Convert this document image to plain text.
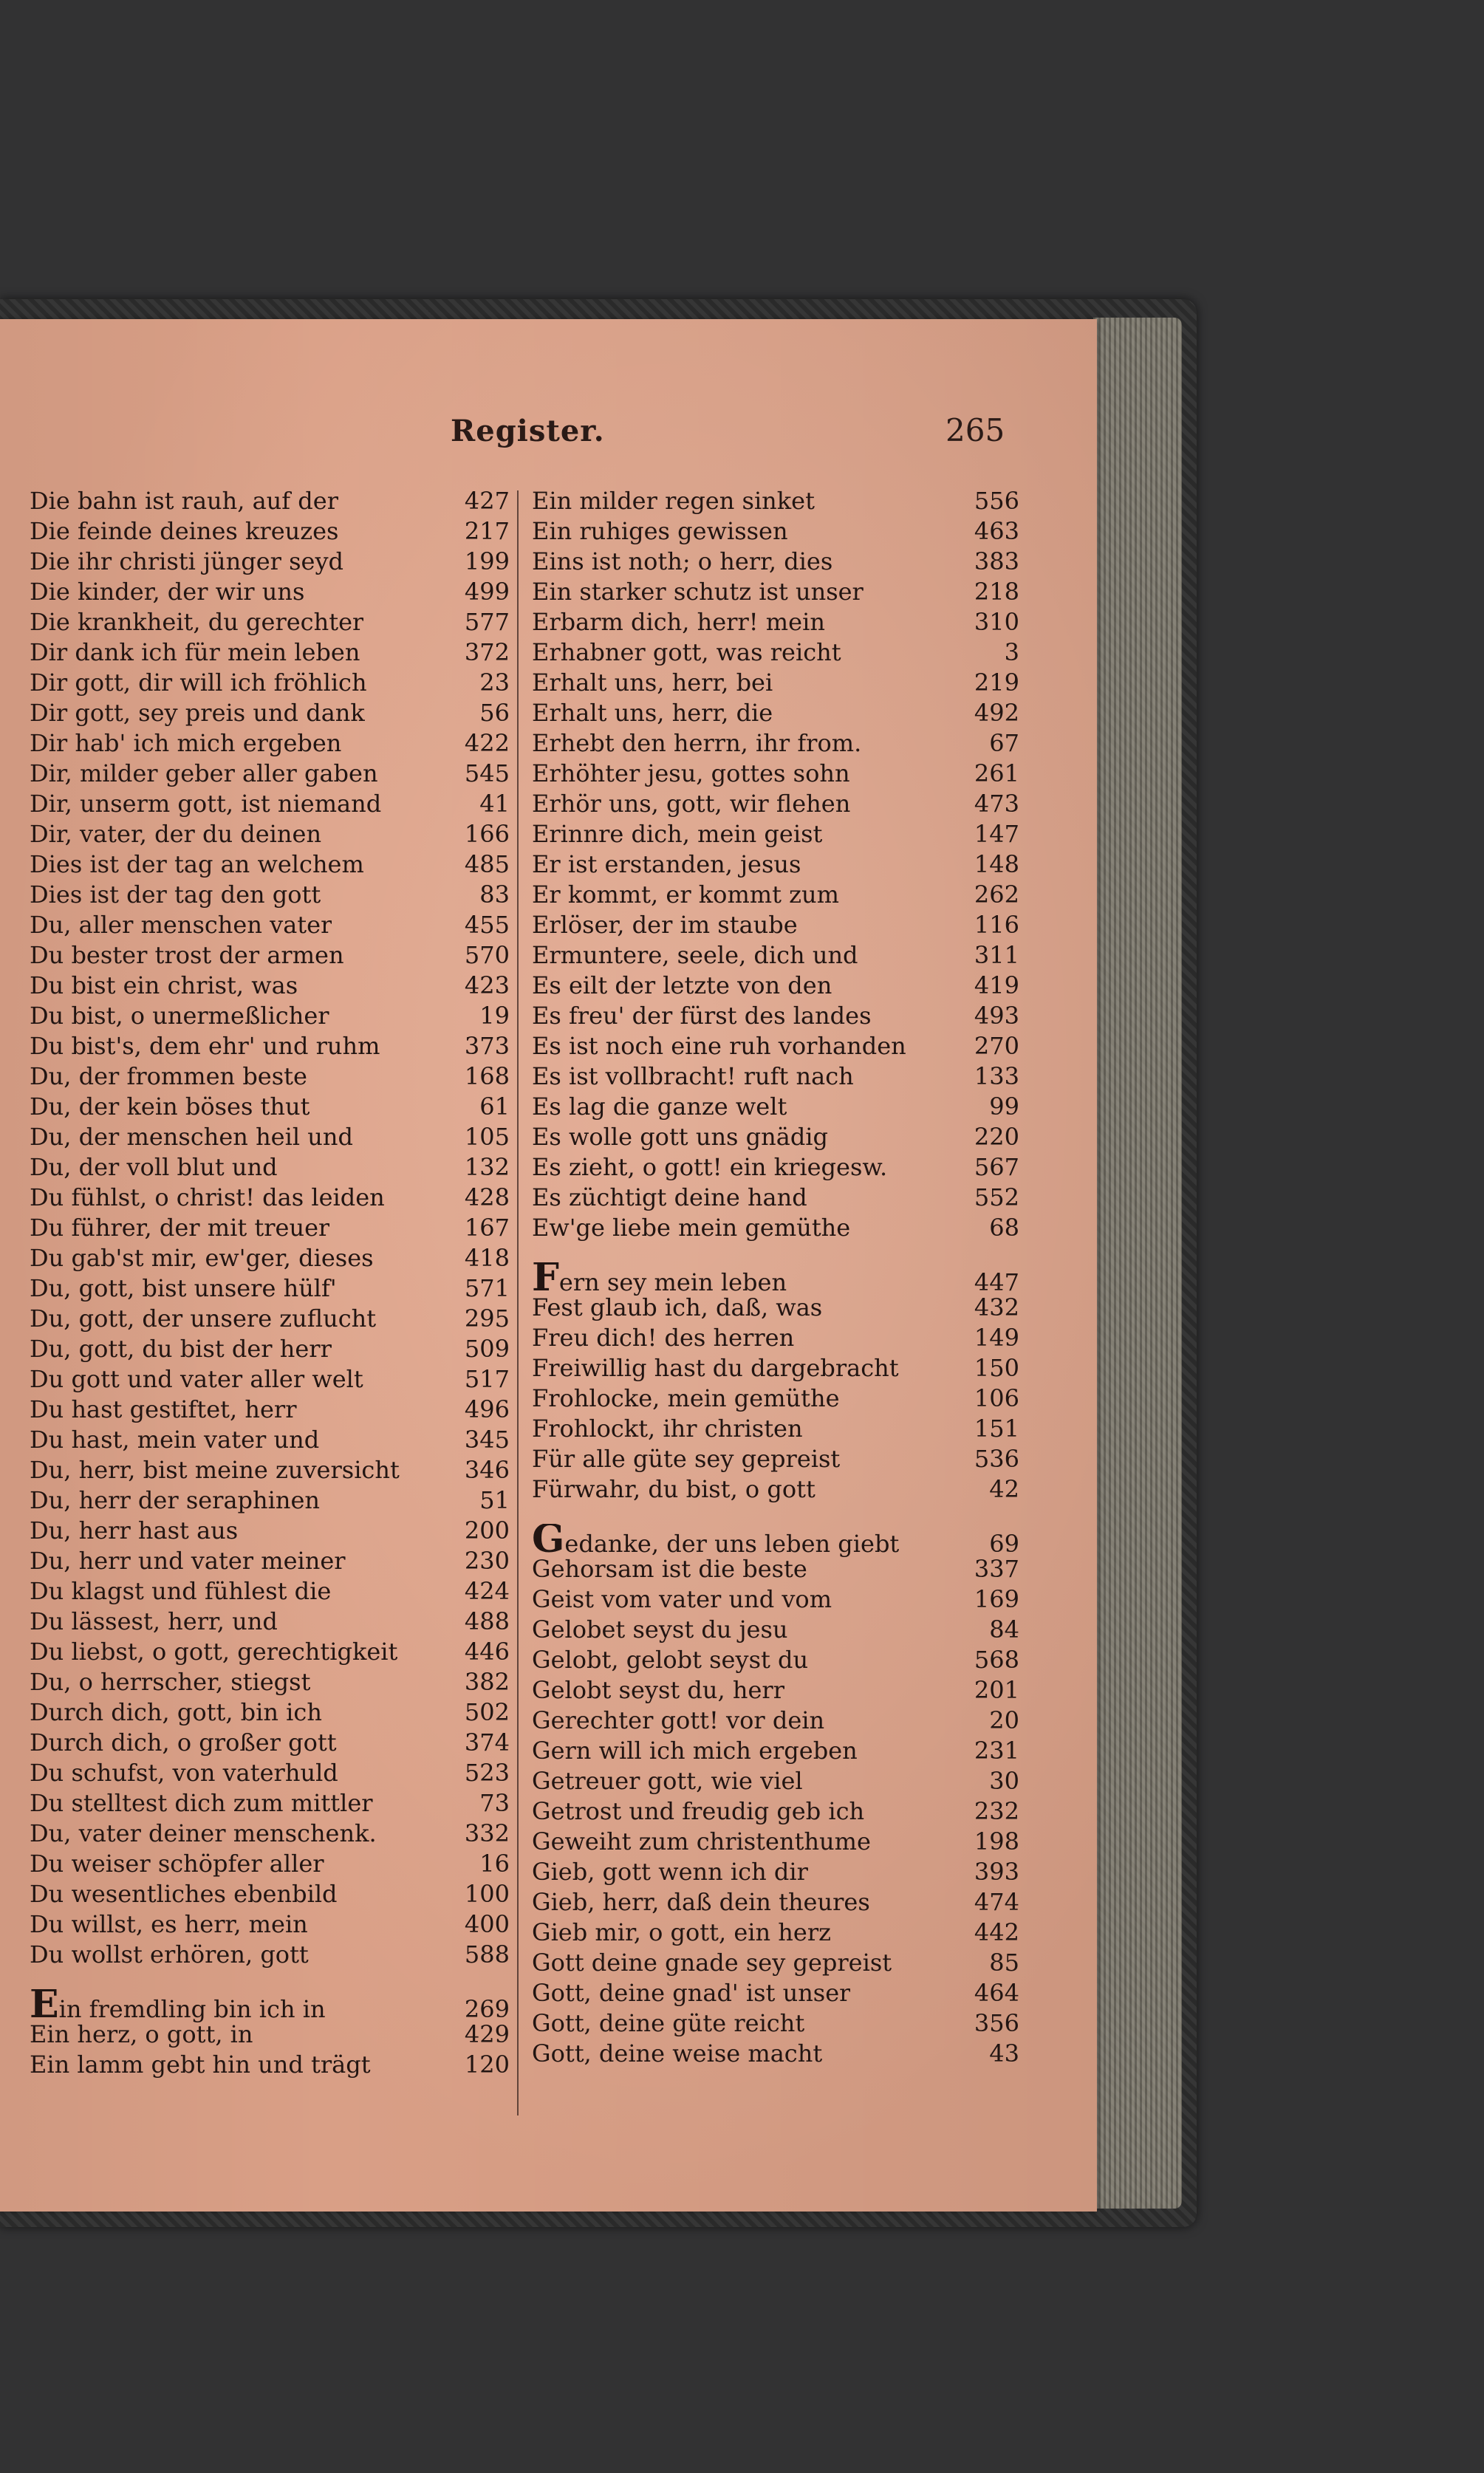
Register.	265
Die bahn ist rauh, auf der	427
Die feinde deines kreuzes	217
Die ihr christi jünger seyd	199
Die kinder, der wir uns	499
Die krankheit, du gerechter	577
Dir dank ich für mein leben	372
Dir gott, dir will ich fröhlich	23
Dir gott, sey preis und dank	56
Dir hab' ich mich ergeben	422
Dir, milder geber aller gaben	545
Dir, unserm gott, ist niemand	41
Dir, vater, der du deinen	166
Dies ist der tag an welchem	485
Dies ist der tag den gott	83
Du, aller menschen vater	455
Du bester trost der armen	570
Du bist ein christ, was	423
Du bist, o unermeßlicher	19
Du bist's, dem ehr' und ruhm	373
Du, der frommen beste	168
Du, der kein böses thut	61
Du, der menschen heil und	105
Du, der voll blut und	132
Du fühlst, o christ! das leiden	428
Du führer, der mit treuer	167
Du gab'st mir, ew'ger, dieses	418
Du, gott, bist unsere hülf'	571
Du, gott, der unsere zuflucht	295
Du, gott, du bist der herr	509
Du gott und vater aller welt	517
Du hast gestiftet, herr	496
Du hast, mein vater und	345
Du, herr, bist meine zuversicht	346
Du, herr der seraphinen	51
Du, herr hast aus	200
Du, herr und vater meiner	230
Du klagst und fühlest die	424
Du lässest, herr, und	488
Du liebst, o gott, gerechtigkeit	446
Du, o herrscher, stiegst	382
Durch dich, gott, bin ich	502
Durch dich, o großer gott	374
Du schufst, von vaterhuld	523
Du stelltest dich zum mittler	73
Du, vater deiner menschenk.	332
Du weiser schöpfer aller	16
Du wesentliches ebenbild	100
Du willst, es herr, mein	400
Du wollst erhören, gott	588
Ein fremdling bin ich in	269
Ein herz, o gott, in	429
Ein lamm gebt hin und trägt	120
Ein milder regen sinket	556
Ein ruhiges gewissen	463
Eins ist noth; o herr, dies	383
Ein starker schutz ist unser	218
Erbarm dich, herr! mein	310
Erhabner gott, was reicht	3
Erhalt uns, herr, bei	219
Erhalt uns, herr, die	492
Erhebt den herrn, ihr from.	67
Erhöhter jesu, gottes sohn	261
Erhör uns, gott, wir flehen	473
Erinnre dich, mein geist	147
Er ist erstanden, jesus	148
Er kommt, er kommt zum	262
Erlöser, der im staube	116
Ermuntere, seele, dich und	311
Es eilt der letzte von den	419
Es freu' der fürst des landes	493
Es ist noch eine ruh vorhanden	270
Es ist vollbracht! ruft nach	133
Es lag die ganze welt	99
Es wolle gott uns gnädig	220
Es zieht, o gott! ein kriegesw.	567
Es züchtigt deine hand	552
Ew'ge liebe mein gemüthe	68
Fern sey mein leben	447
Fest glaub ich, daß, was	432
Freu dich! des herren	149
Freiwillig hast du dargebracht	150
Frohlocke, mein gemüthe	106
Frohlockt, ihr christen	151
Für alle güte sey gepreist	536
Fürwahr, du bist, o gott	42
Gedanke, der uns leben giebt	69
Gehorsam ist die beste	337
Geist vom vater und vom	169
Gelobet seyst du jesu	84
Gelobt, gelobt seyst du	568
Gelobt seyst du, herr	201
Gerechter gott! vor dein	20
Gern will ich mich ergeben	231
Getreuer gott, wie viel	30
Getrost und freudig geb ich	232
Geweiht zum christenthume	198
Gieb, gott wenn ich dir	393
Gieb, herr, daß dein theures	474
Gieb mir, o gott, ein herz	442
Gott deine gnade sey gepreist	85
Gott, deine gnad' ist unser	464
Gott, deine güte reicht	356
Gott, deine weise macht	43
